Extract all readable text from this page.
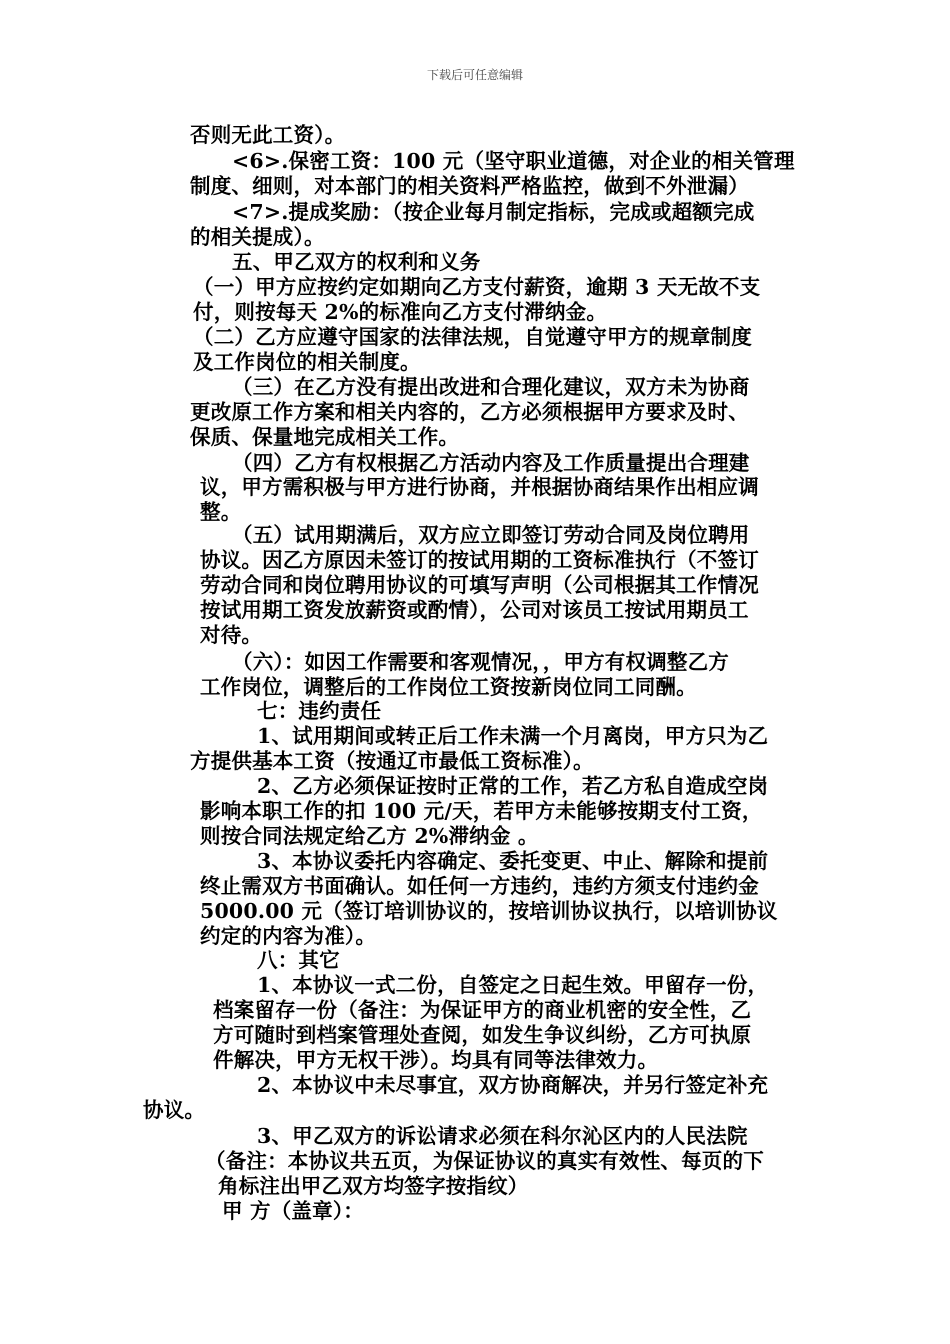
下载后可任意编辑
否则无此工资）。
<6>.保密工资：100 元（坚守职业道德，对企业的相关管理
制度、细则，对本部门的相关资料严格监控，做到不外泄漏）
<7>.提成奖励：（按企业每月制定指标，完成或超额完成
的相关提成）。
五、甲乙双方的权利和义务
（一）甲方应按约定如期向乙方支付薪资，逾期 3 天无故不支
付，则按每天 2%的标准向乙方支付滞纳金。
（二）乙方应遵守国家的法律法规，自觉遵守甲方的规章制度
及工作岗位的相关制度。
（三）在乙方没有提出改进和合理化建议，双方未为协商
更改原工作方案和相关内容的，乙方必须根据甲方要求及时、
保质、保量地完成相关工作。
（四）乙方有权根据乙方活动内容及工作质量提出合理建
议，甲方需积极与甲方进行协商，并根据协商结果作出相应调
整。
（五）试用期满后，双方应立即签订劳动合同及岗位聘用
协议。因乙方原因未签订的按试用期的工资标准执行（不签订
劳动合同和岗位聘用协议的可填写声明（公司根据其工作情况
按试用期工资发放薪资或酌情），公司对该员工按试用期员工
对待。
（六）：如因工作需要和客观情况，，甲方有权调整乙方
工作岗位，调整后的工作岗位工资按新岗位同工同酬。
七：违约责任
1、试用期间或转正后工作未满一个月离岗，甲方只为乙
方提供基本工资（按通辽市最低工资标准）。
2、乙方必须保证按时正常的工作，若乙方私自造成空岗
影响本职工作的扣 100 元/天，若甲方未能够按期支付工资，
则按合同法规定给乙方 2%滞纳金 。
3、本协议委托内容确定、委托变更、中止、解除和提前
终止需双方书面确认。如任何一方违约，违约方须支付违约金
5000.00 元（签订培训协议的，按培训协议执行，以培训协议
约定的内容为准）。
八：其它
1、本协议一式二份，自签定之日起生效。甲留存一份，
档案留存一份（备注：为保证甲方的商业机密的安全性，乙
方可随时到档案管理处查阅，如发生争议纠纷，乙方可执原
件解决，甲方无权干涉）。均具有同等法律效力。
2、本协议中未尽事宜，双方协商解决，并另行签定补充
协议。
3、甲乙双方的诉讼请求必须在科尔沁区内的人民法院
（备注：本协议共五页，为保证协议的真实有效性、每页的下
角标注出甲乙双方均签字按指纹）
甲 方（盖章）：
